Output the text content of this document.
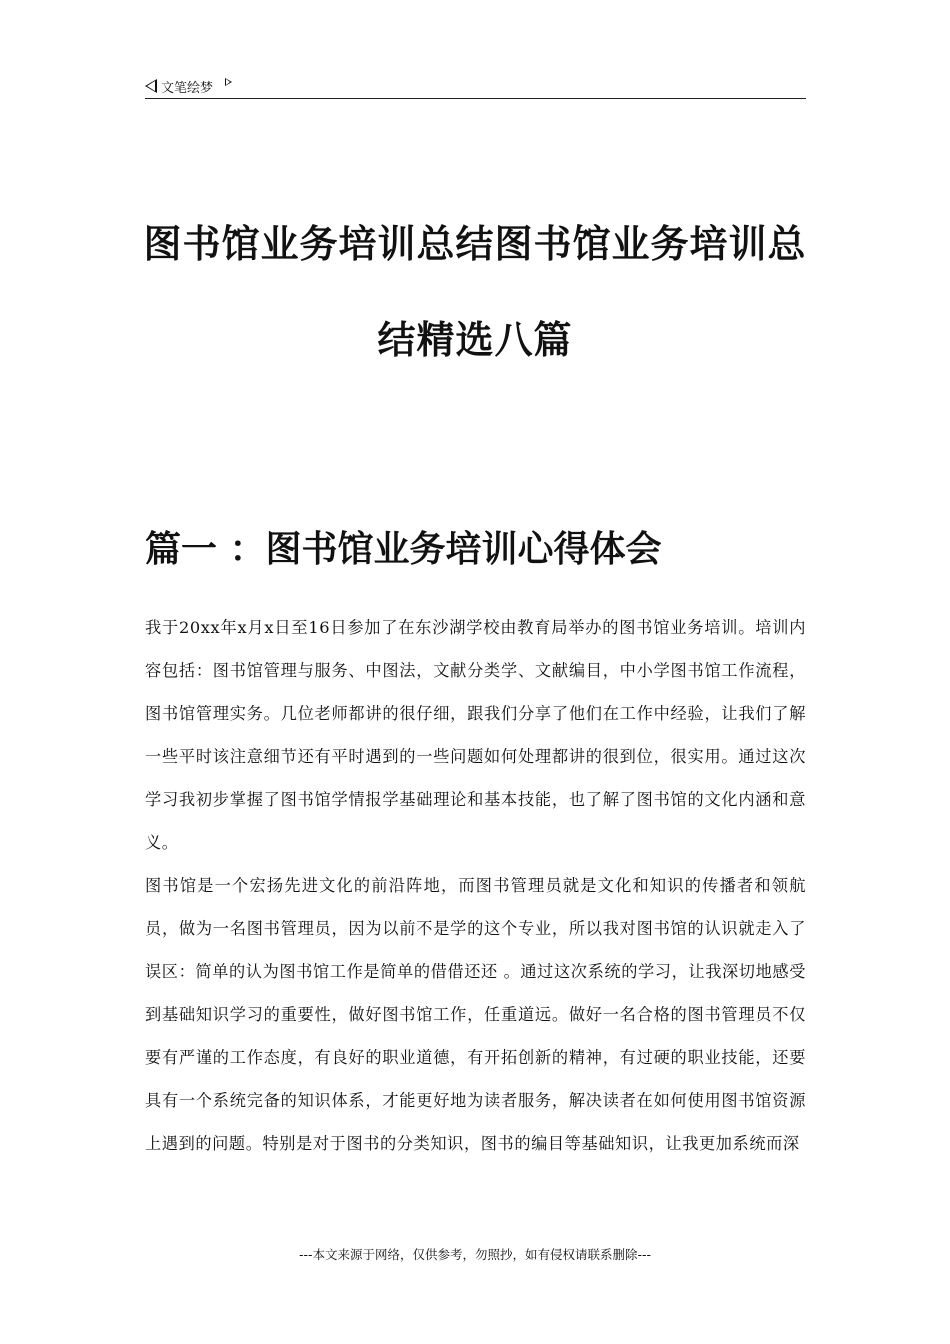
文笔绘梦
图书馆业务培训总结图书馆业务培训总
结精选八篇
篇一 ：图书馆业务培训心得体会

我于20xx年x月x日至16日参加了在东沙湖学校由教育局举办的图书馆业务培训。培训内容包括：图书馆管理与服务、中图法，文献分类学、文献编目，中小学图书馆工作流程，图书馆管理实务。几位老师都讲的很仔细，跟我们分享了他们在工作中经验，让我们了解一些平时该注意细节还有平时遇到的一些问题如何处理都讲的很到位，很实用。通过这次学习我初步掌握了图书馆学情报学基础理论和基本技能，也了解了图书馆的文化内涵和意义。

图书馆是一个宏扬先进文化的前沿阵地，而图书管理员就是文化和知识的传播者和领航员，做为一名图书管理员，因为以前不是学的这个专业，所以我对图书馆的认识就走入了误区：简单的认为图书馆工作是简单的借借还还 。通过这次系统的学习，让我深切地感受到基础知识学习的重要性，做好图书馆工作，任重道远。做好一名合格的图书管理员不仅要有严谨的工作态度，有良好的职业道德，有开拓创新的精神，有过硬的职业技能，还要具有一个系统完备的知识体系，才能更好地为读者服务，解决读者在如何使用图书馆资源上遇到的问题。特别是对于图书的分类知识，图书的编目等基础知识，让我更加系统而深

---本文来源于网络，仅供参考，勿照抄，如有侵权请联系删除---
